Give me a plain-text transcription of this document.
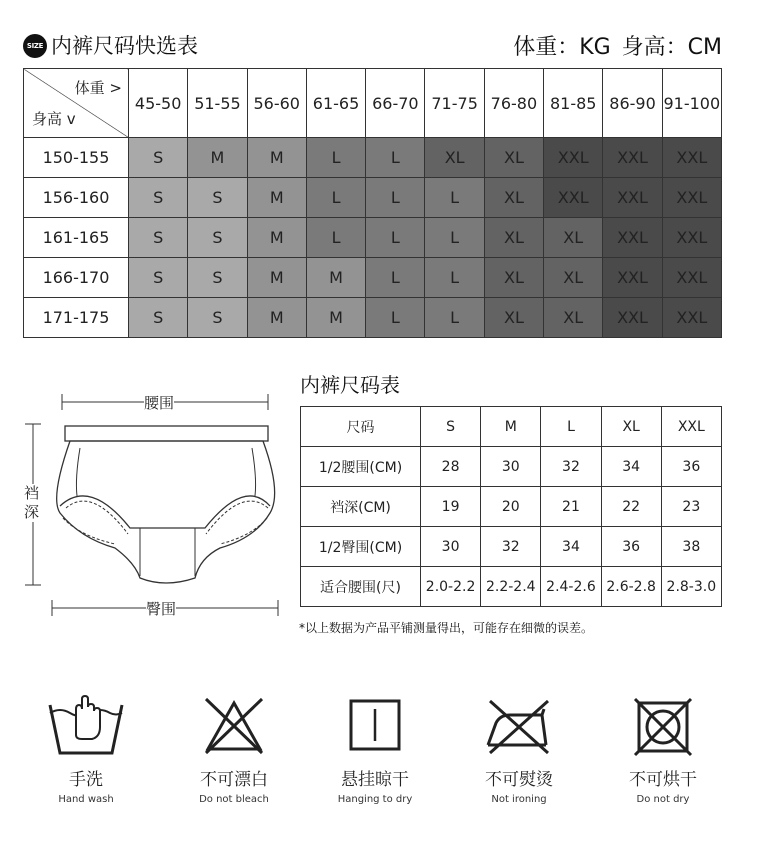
SIZE 内裤尺码快选表	体重：KG 身高：CM
体重 >
身高 v	45-50	51-55	56-60	61-65	66-70	71-75	76-80	81-85	86-90	91-100
150-155	S	M	M	L	L	XL	XL	XXL	XXL	XXL
156-160	S	S	M	L	L	L	XL	XXL	XXL	XXL
161-165	S	S	M	L	L	L	XL	XL	XXL	XXL
166-170	S	S	M	M	L	L	XL	XL	XXL	XXL
171-175	S	S	M	M	L	L	XL	XL	XXL	XXL
腰围
裆深
臀围
内裤尺码表
尺码	S	M	L	XL	XXL
1/2腰围(CM)	28	30	32	34	36
裆深(CM)	19	20	21	22	23
1/2臀围(CM)	30	32	34	36	38
适合腰围(尺)	2.0-2.2	2.2-2.4	2.4-2.6	2.6-2.8	2.8-3.0
*以上数据为产品平铺测量得出，可能存在细微的误差。
手洗
Hand wash
不可漂白
Do not bleach
悬挂晾干
Hanging to dry
不可熨烫
Not ironing
不可烘干
Do not dry
